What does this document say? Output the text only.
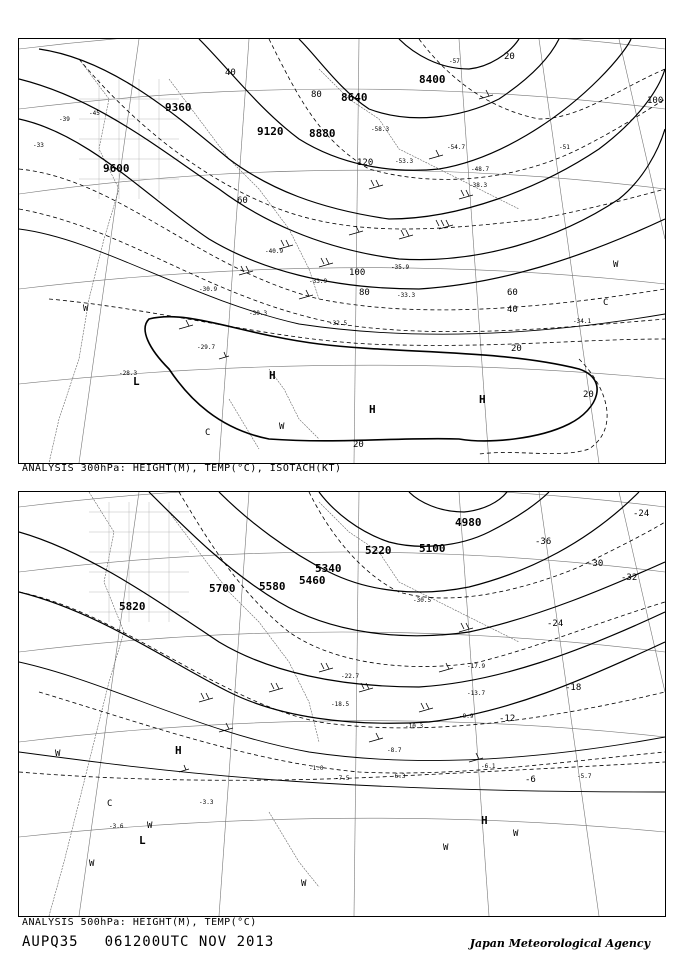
9360
9120 8880
8640
8400
9600
20
40
60
80
100
120
80	60
40
20
20
20
100
H
H
H
L
C
W
W
C
W
-45
-39
-33	-51
-57
-30.9
-33.3
-35.9
-38.3
-54.7
-53.3
-29.7
-30.3
-34.1
-28.3
-32.5
-40.9
-58.3
-48.7
-33.9
ANALYSIS 300hPa: HEIGHT(M), TEMP(°C), ISOTACH(KT)
5820
5700 5580 5460
5340
5220	5100
4980
-24
-30
-36
-32
-24
-18
-12
-6
-30.5
-18.5
-13.7
-9.9
-8.7
-6.3
-6.1
-7.5
-3.3
-5.7
-22.7
-17.9
-10.3
-3.6
-1.0
H
H
L
C
W
W
W
W
W
W
ANALYSIS 500hPa: HEIGHT(M), TEMP(°C)
AUPQ35 061200UTC NOV 2013	Japan Meteorological Agency
